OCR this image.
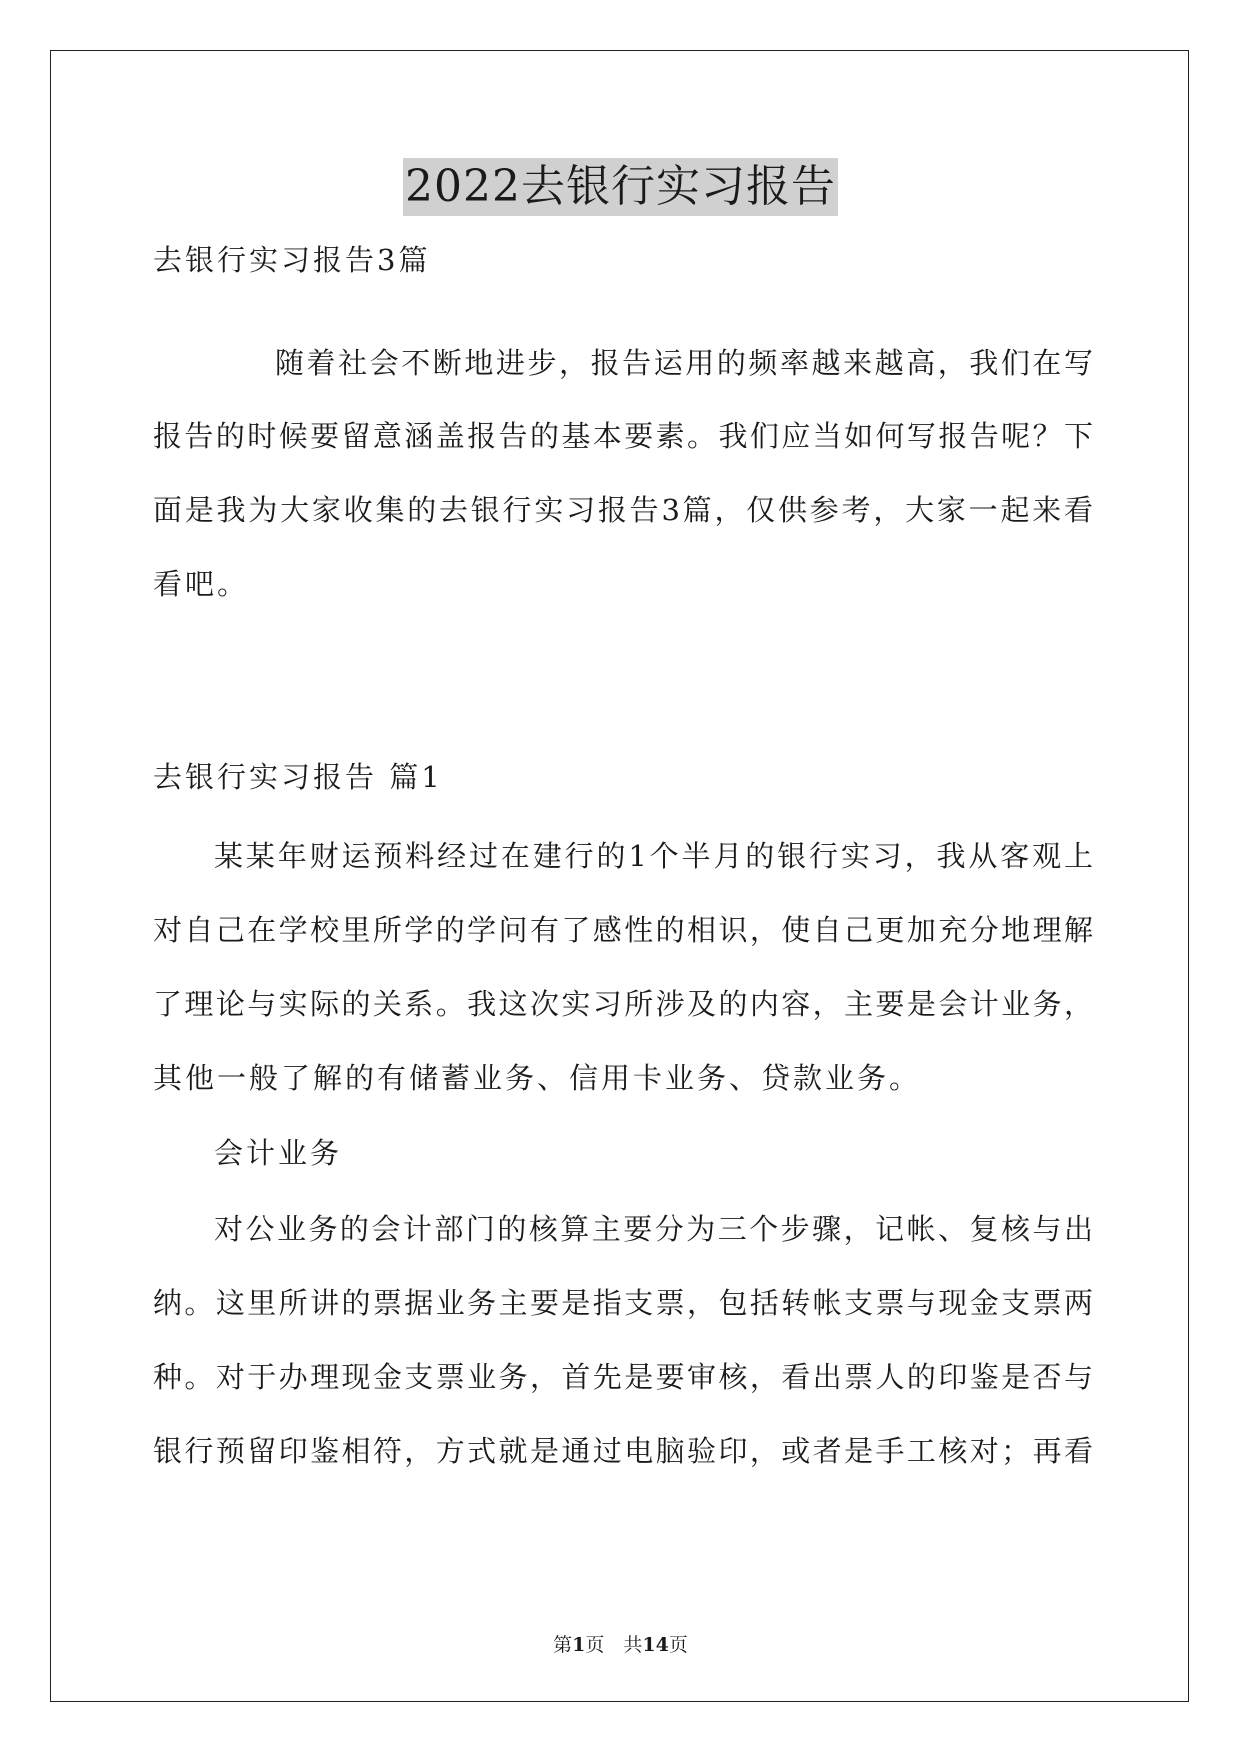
2022去银行实习报告
去银行实习报告3篇
随着社会不断地进步，报告运用的频率越来越高，我们在写
报告的时候要留意涵盖报告的基本要素。我们应当如何写报告呢？下
面是我为大家收集的去银行实习报告3篇，仅供参考，大家一起来看
看吧。
去银行实习报告 篇1
某某年财运预料经过在建行的1个半月的银行实习，我从客观上
对自己在学校里所学的学问有了感性的相识，使自己更加充分地理解
了理论与实际的关系。我这次实习所涉及的内容，主要是会计业务，
其他一般了解的有储蓄业务、信用卡业务、贷款业务。
会计业务
对公业务的会计部门的核算主要分为三个步骤，记帐、复核与出
纳。这里所讲的票据业务主要是指支票，包括转帐支票与现金支票两
种。对于办理现金支票业务，首先是要审核，看出票人的印鉴是否与
银行预留印鉴相符，方式就是通过电脑验印，或者是手工核对；再看
第1页　共14页
